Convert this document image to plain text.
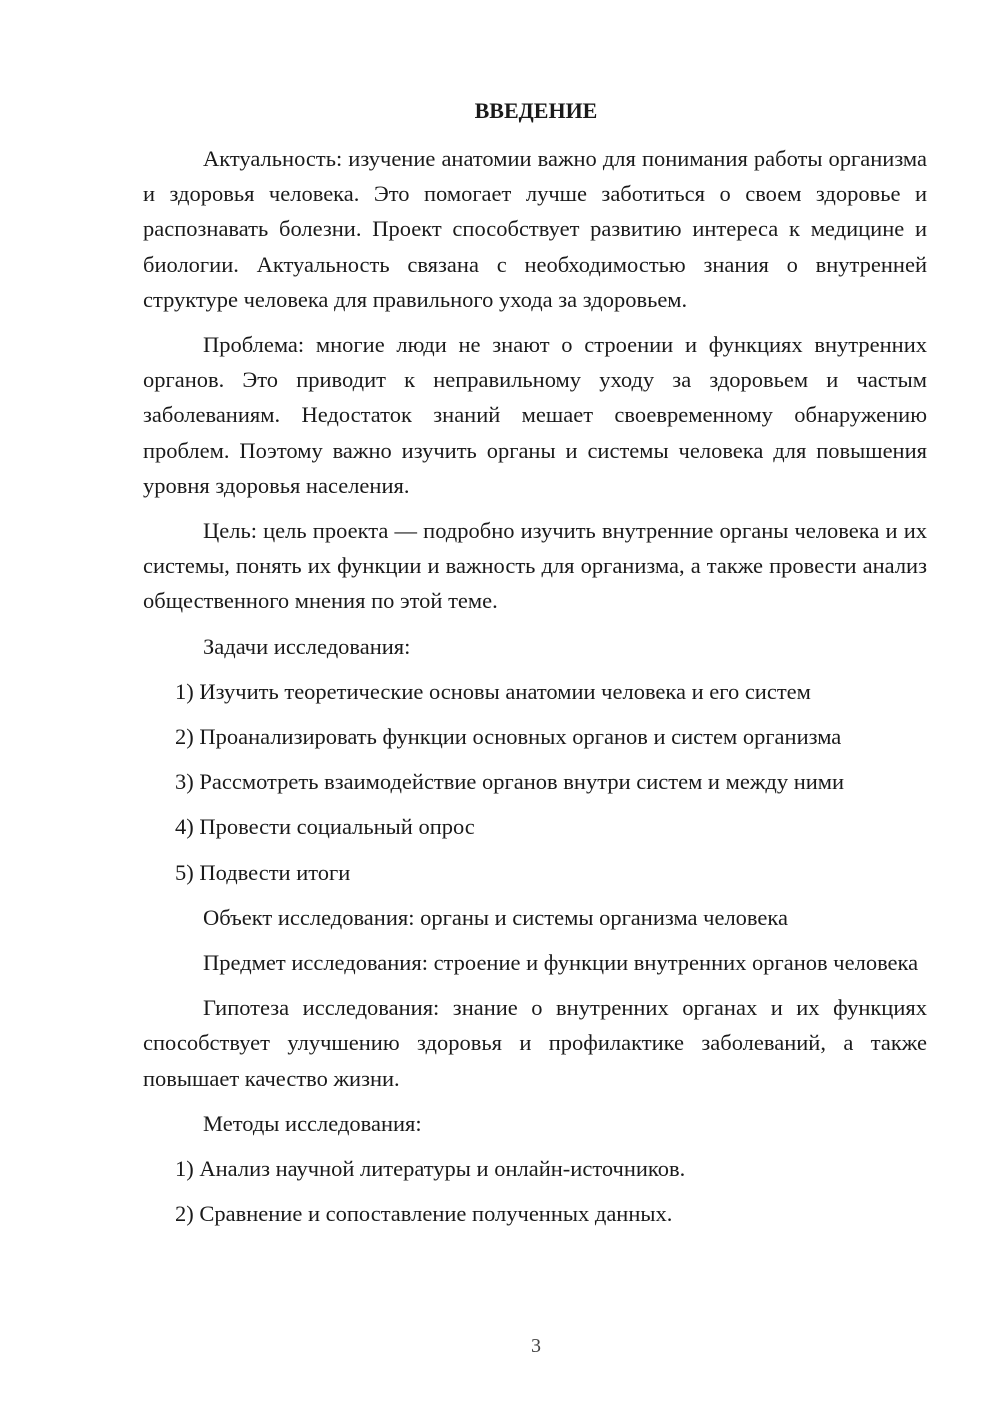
ВВЕДЕНИЕ

Актуальность: изучение анатомии важно для понимания работы организма и здоровья человека. Это помогает лучше заботиться о своем здоровье и распознавать болезни. Проект способствует развитию интереса к медицине и биологии. Актуальность связана с необходимостью знания о внутренней структуре человека для правильного ухода за здоровьем.

Проблема: многие люди не знают о строении и функциях внутренних органов. Это приводит к неправильному уходу за здоровьем и частым заболеваниям. Недостаток знаний мешает своевременному обнаружению проблем. Поэтому важно изучить органы и системы человека для повышения уровня здоровья населения.

Цель: цель проекта — подробно изучить внутренние органы человека и их системы, понять их функции и важность для организма, а также провести анализ общественного мнения по этой теме.

Задачи исследования:

1) Изучить теоретические основы анатомии человека и его систем

2) Проанализировать функции основных органов и систем организма

3) Рассмотреть взаимодействие органов внутри систем и между ними

4) Провести социальный опрос

5) Подвести итоги

Объект исследования: органы и системы организма человека

Предмет исследования: строение и функции внутренних органов человека

Гипотеза исследования: знание о внутренних органах и их функциях способствует улучшению здоровья и профилактике заболеваний, а также повышает качество жизни.

Методы исследования:

1) Анализ научной литературы и онлайн-источников.

2) Сравнение и сопоставление полученных данных.

3
